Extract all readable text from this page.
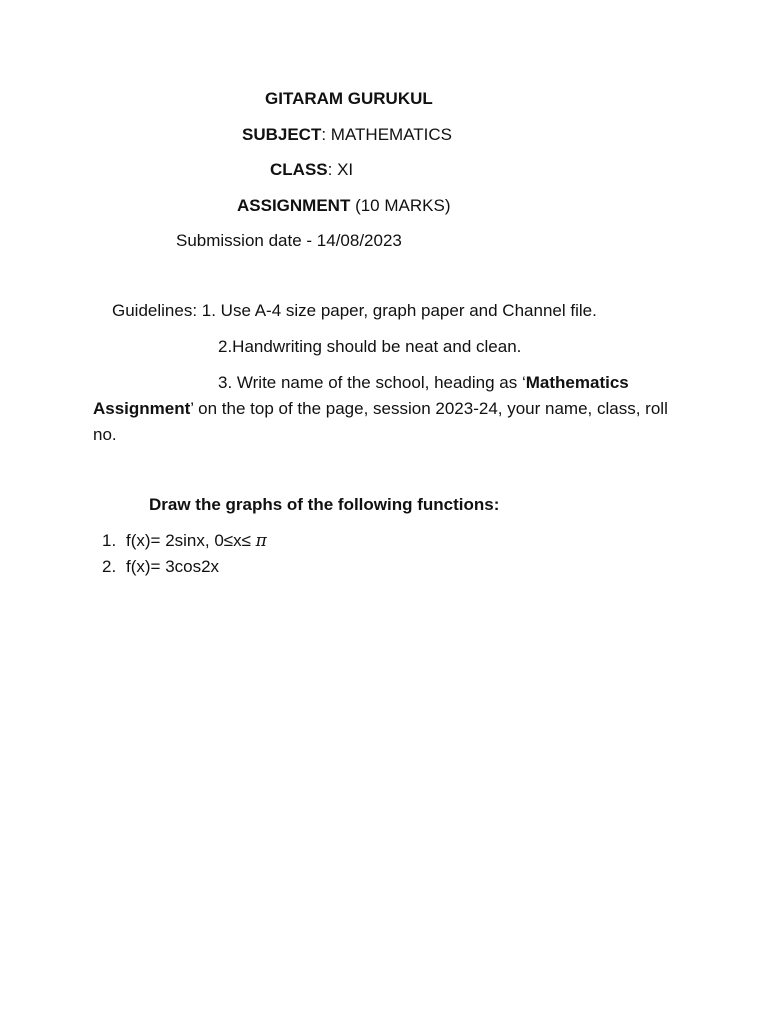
GITARAM GURUKUL
SUBJECT: MATHEMATICS
CLASS: XI
ASSIGNMENT (10 MARKS)
Submission date - 14/08/2023
Guidelines: 1. Use A-4 size paper, graph paper and Channel file.
2.Handwriting should be neat and clean.
3. Write name of the school, heading as ‘Mathematics Assignment’ on the top of the page, session 2023-24, your name, class, roll no.
Draw the graphs of the following functions:
1. f(x)= 2sinx, 0≤x≤ π
2. f(x)= 3cos2x
